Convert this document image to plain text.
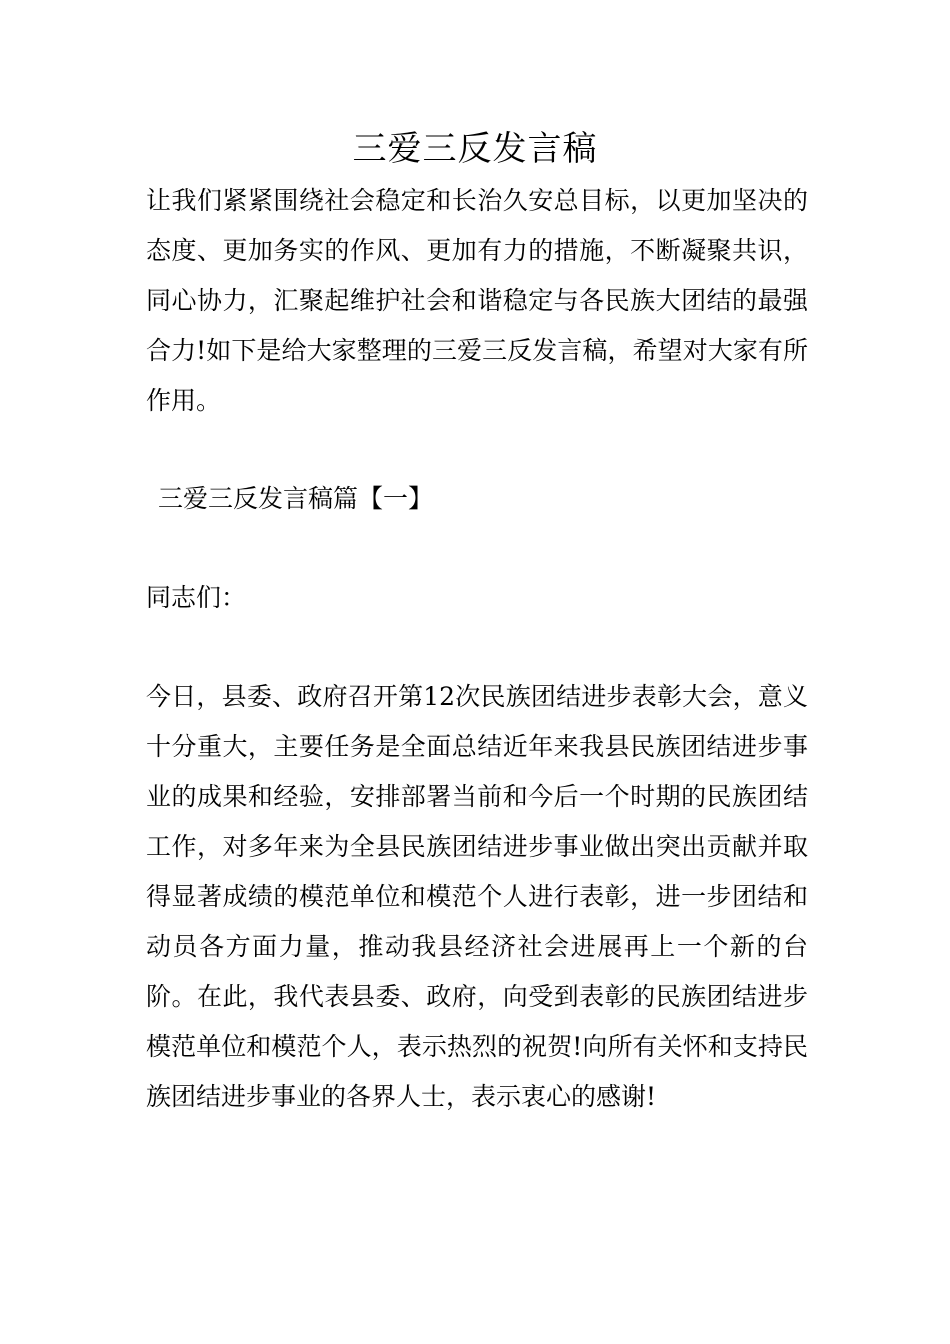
三爱三反发言稿

让我们紧紧围绕社会稳定和长治久安总目标，以更加坚决的态度、更加务实的作风、更加有力的措施，不断凝聚共识，同心协力，汇聚起维护社会和谐稳定与各民族大团结的最强合力!如下是给大家整理的三爱三反发言稿，希望对大家有所作用。

三爱三反发言稿篇【一】

同志们：

今日，县委、政府召开第12次民族团结进步表彰大会，意义十分重大，主要任务是全面总结近年来我县民族团结进步事业的成果和经验，安排部署当前和今后一个时期的民族团结工作，对多年来为全县民族团结进步事业做出突出贡献并取得显著成绩的模范单位和模范个人进行表彰，进一步团结和动员各方面力量，推动我县经济社会进展再上一个新的台阶。在此，我代表县委、政府，向受到表彰的民族团结进步模范单位和模范个人，表示热烈的祝贺!向所有关怀和支持民族团结进步事业的各界人士，表示衷心的感谢!
